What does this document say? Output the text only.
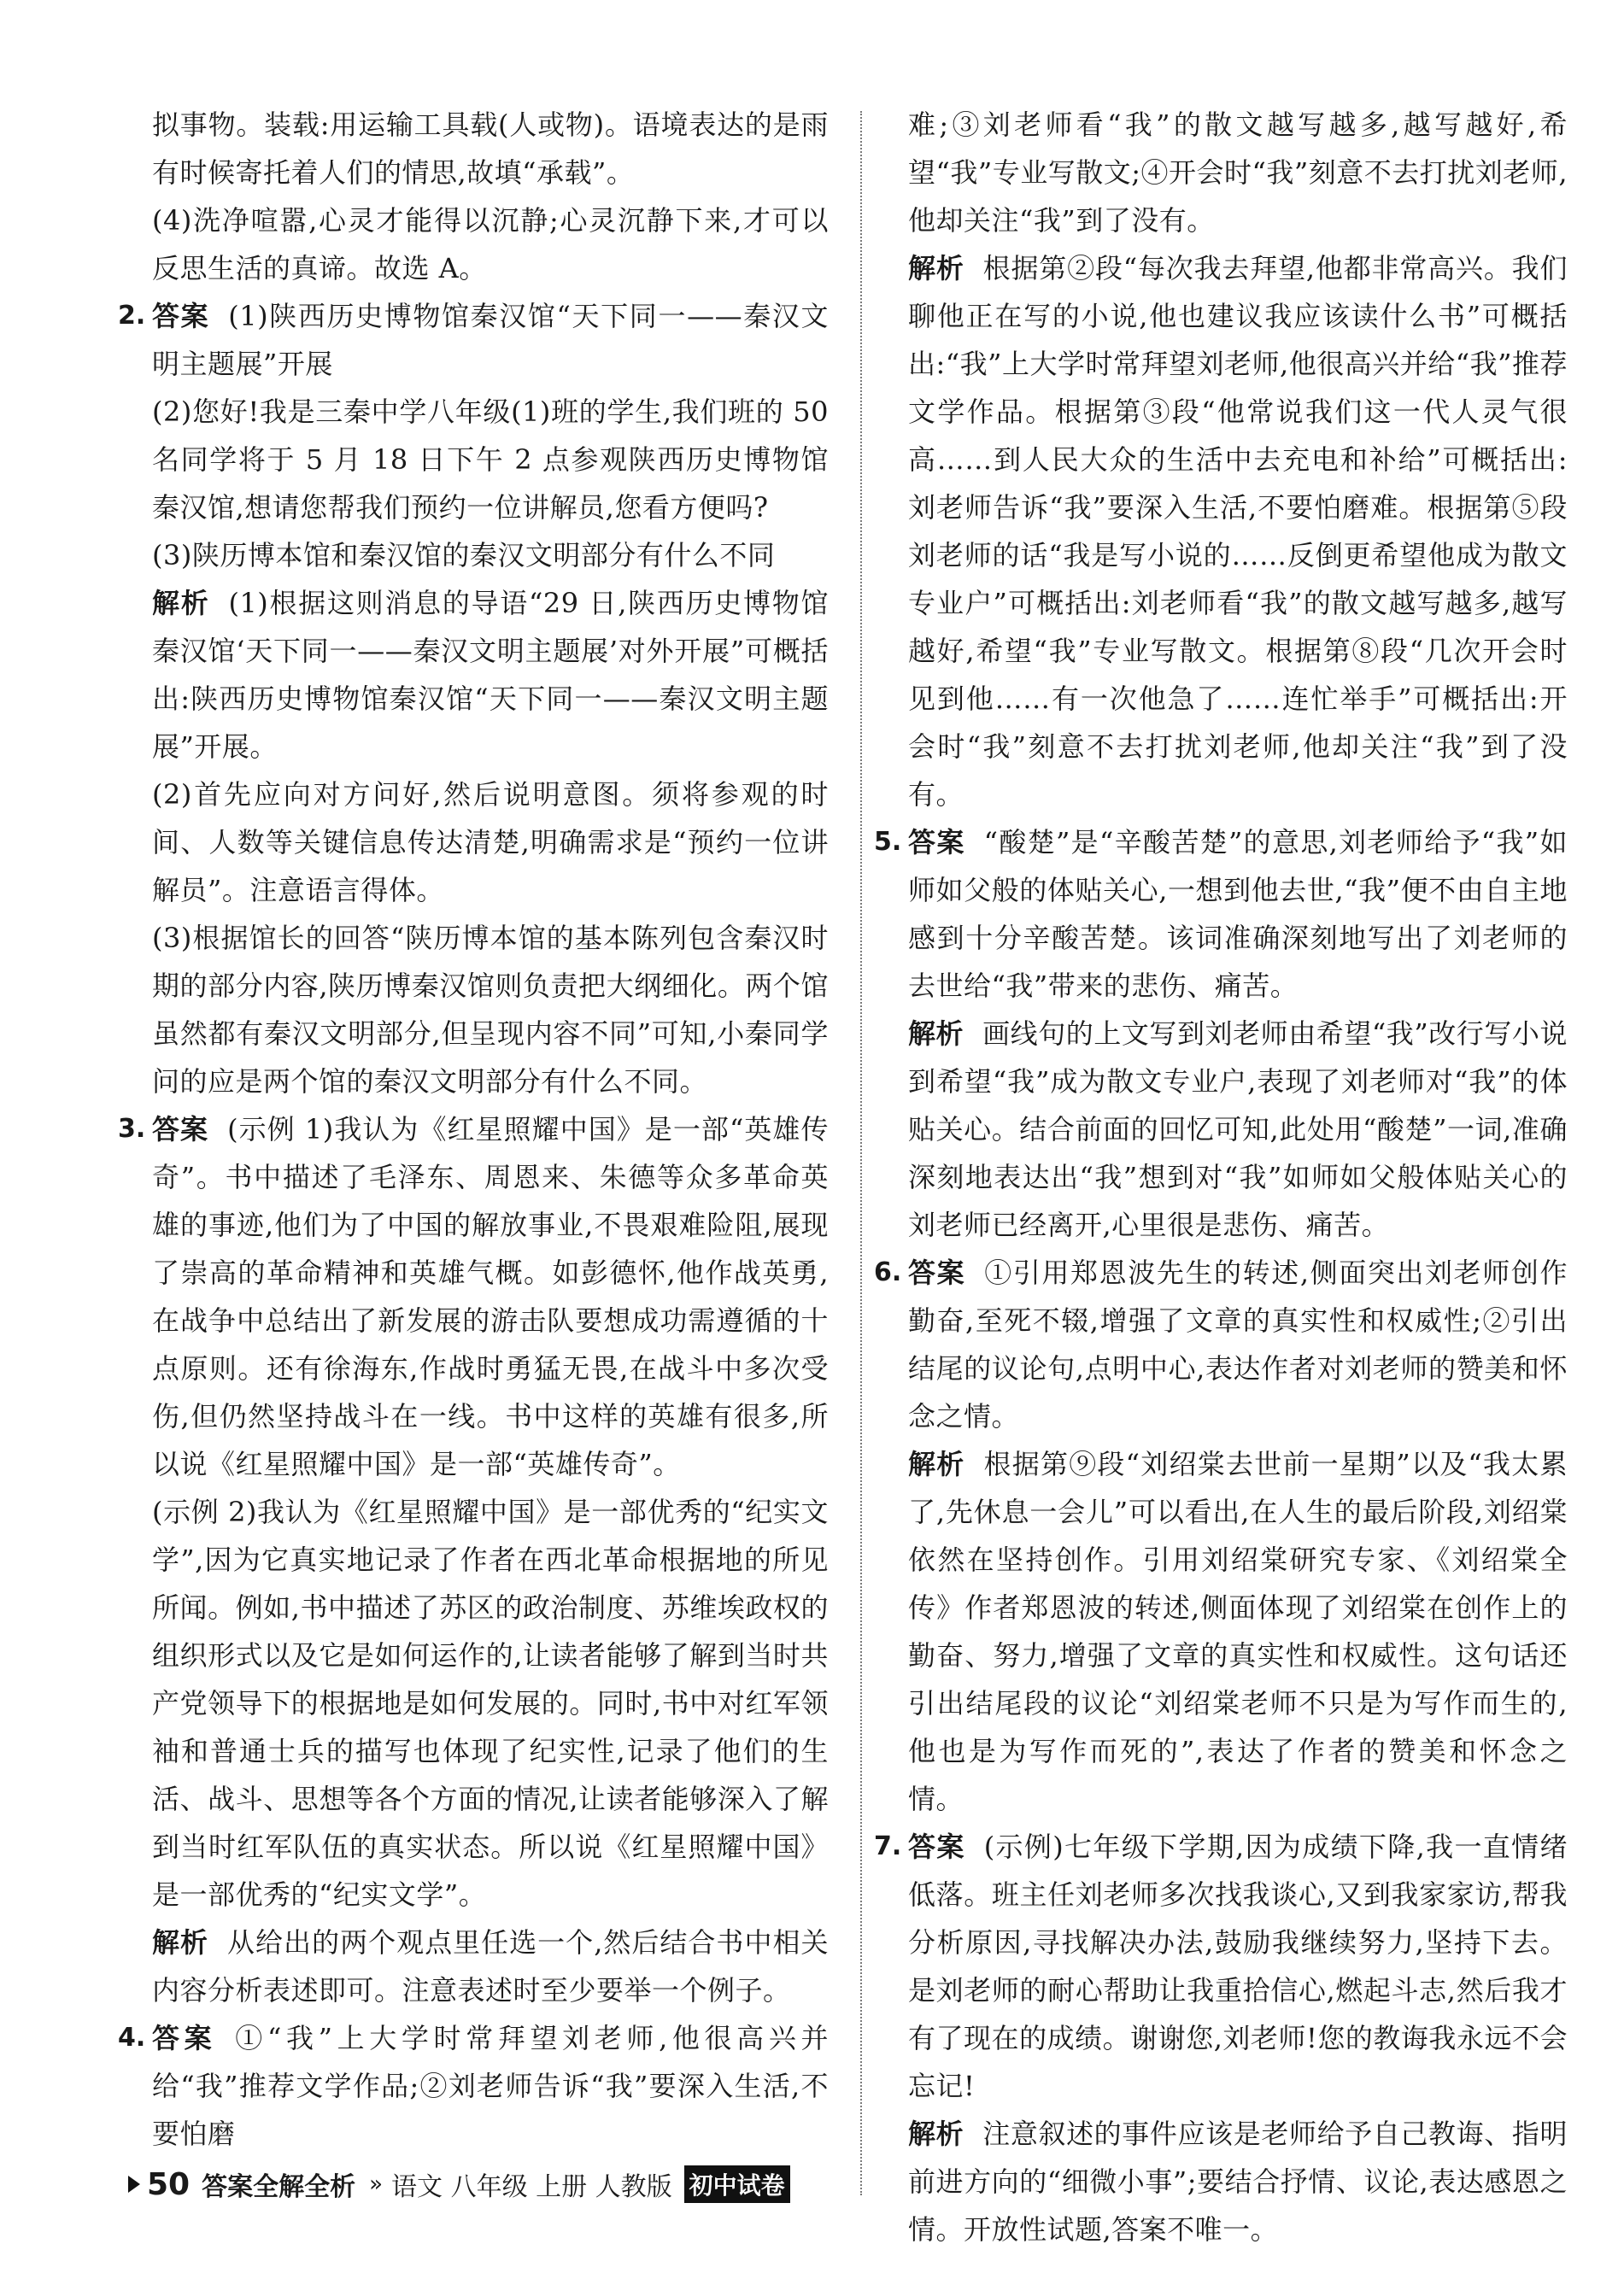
拟事物。装载:用运输工具载(人或物)。语境表达的是雨有时候寄托着人们的情思,故填“承载”。

(4)洗净喧嚣,心灵才能得以沉静;心灵沉静下来,才可以反思生活的真谛。故选 A。

2. 答案 (1)陕西历史博物馆秦汉馆“天下同一——秦汉文明主题展”开展

(2)您好!我是三秦中学八年级(1)班的学生,我们班的 50 名同学将于 5 月 18 日下午 2 点参观陕西历史博物馆秦汉馆,想请您帮我们预约一位讲解员,您看方便吗?

(3)陕历博本馆和秦汉馆的秦汉文明部分有什么不同

解析 (1)根据这则消息的导语“29 日,陕西历史博物馆秦汉馆‘天下同一——秦汉文明主题展’对外开展”可概括出:陕西历史博物馆秦汉馆“天下同一——秦汉文明主题展”开展。

(2)首先应向对方问好,然后说明意图。须将参观的时间、人数等关键信息传达清楚,明确需求是“预约一位讲解员”。注意语言得体。

(3)根据馆长的回答“陕历博本馆的基本陈列包含秦汉时期的部分内容,陕历博秦汉馆则负责把大纲细化。两个馆虽然都有秦汉文明部分,但呈现内容不同”可知,小秦同学问的应是两个馆的秦汉文明部分有什么不同。

3. 答案 (示例 1)我认为《红星照耀中国》是一部“英雄传奇”。书中描述了毛泽东、周恩来、朱德等众多革命英雄的事迹,他们为了中国的解放事业,不畏艰难险阻,展现了崇高的革命精神和英雄气概。如彭德怀,他作战英勇,在战争中总结出了新发展的游击队要想成功需遵循的十点原则。还有徐海东,作战时勇猛无畏,在战斗中多次受伤,但仍然坚持战斗在一线。书中这样的英雄有很多,所以说《红星照耀中国》是一部“英雄传奇”。

(示例 2)我认为《红星照耀中国》是一部优秀的“纪实文学”,因为它真实地记录了作者在西北革命根据地的所见所闻。例如,书中描述了苏区的政治制度、苏维埃政权的组织形式以及它是如何运作的,让读者能够了解到当时共产党领导下的根据地是如何发展的。同时,书中对红军领袖和普通士兵的描写也体现了纪实性,记录了他们的生活、战斗、思想等各个方面的情况,让读者能够深入了解到当时红军队伍的真实状态。所以说《红星照耀中国》是一部优秀的“纪实文学”。

解析 从给出的两个观点里任选一个,然后结合书中相关内容分析表述即可。注意表述时至少要举一个例子。

4. 答案 ①“我”上大学时常拜望刘老师,他很高兴并给“我”推荐文学作品;②刘老师告诉“我”要深入生活,不要怕磨

难;③刘老师看“我”的散文越写越多,越写越好,希望“我”专业写散文;④开会时“我”刻意不去打扰刘老师,他却关注“我”到了没有。

解析 根据第②段“每次我去拜望,他都非常高兴。我们聊他正在写的小说,他也建议我应该读什么书”可概括出:“我”上大学时常拜望刘老师,他很高兴并给“我”推荐文学作品。根据第③段“他常说我们这一代人灵气很高……到人民大众的生活中去充电和补给”可概括出:刘老师告诉“我”要深入生活,不要怕磨难。根据第⑤段刘老师的话“我是写小说的……反倒更希望他成为散文专业户”可概括出:刘老师看“我”的散文越写越多,越写越好,希望“我”专业写散文。根据第⑧段“几次开会时见到他……有一次他急了……连忙举手”可概括出:开会时“我”刻意不去打扰刘老师,他却关注“我”到了没有。

5. 答案 “酸楚”是“辛酸苦楚”的意思,刘老师给予“我”如师如父般的体贴关心,一想到他去世,“我”便不由自主地感到十分辛酸苦楚。该词准确深刻地写出了刘老师的去世给“我”带来的悲伤、痛苦。

解析 画线句的上文写到刘老师由希望“我”改行写小说到希望“我”成为散文专业户,表现了刘老师对“我”的体贴关心。结合前面的回忆可知,此处用“酸楚”一词,准确深刻地表达出“我”想到对“我”如师如父般体贴关心的刘老师已经离开,心里很是悲伤、痛苦。

6. 答案 ①引用郑恩波先生的转述,侧面突出刘老师创作勤奋,至死不辍,增强了文章的真实性和权威性;②引出结尾的议论句,点明中心,表达作者对刘老师的赞美和怀念之情。

解析 根据第⑨段“刘绍棠去世前一星期”以及“我太累了,先休息一会儿”可以看出,在人生的最后阶段,刘绍棠依然在坚持创作。引用刘绍棠研究专家、《刘绍棠全传》作者郑恩波的转述,侧面体现了刘绍棠在创作上的勤奋、努力,增强了文章的真实性和权威性。这句话还引出结尾段的议论“刘绍棠老师不只是为写作而生的,他也是为写作而死的”,表达了作者的赞美和怀念之情。

7. 答案 (示例)七年级下学期,因为成绩下降,我一直情绪低落。班主任刘老师多次找我谈心,又到我家家访,帮我分析原因,寻找解决办法,鼓励我继续努力,坚持下去。是刘老师的耐心帮助让我重拾信心,燃起斗志,然后我才有了现在的成绩。谢谢您,刘老师!您的教诲我永远不会忘记!

解析 注意叙述的事件应该是老师给予自己教诲、指明前进方向的“细微小事”;要结合抒情、议论,表达感恩之情。开放性试题,答案不唯一。

50 答案全解全析 » 语文 八年级 上册 人教版 初中试卷
